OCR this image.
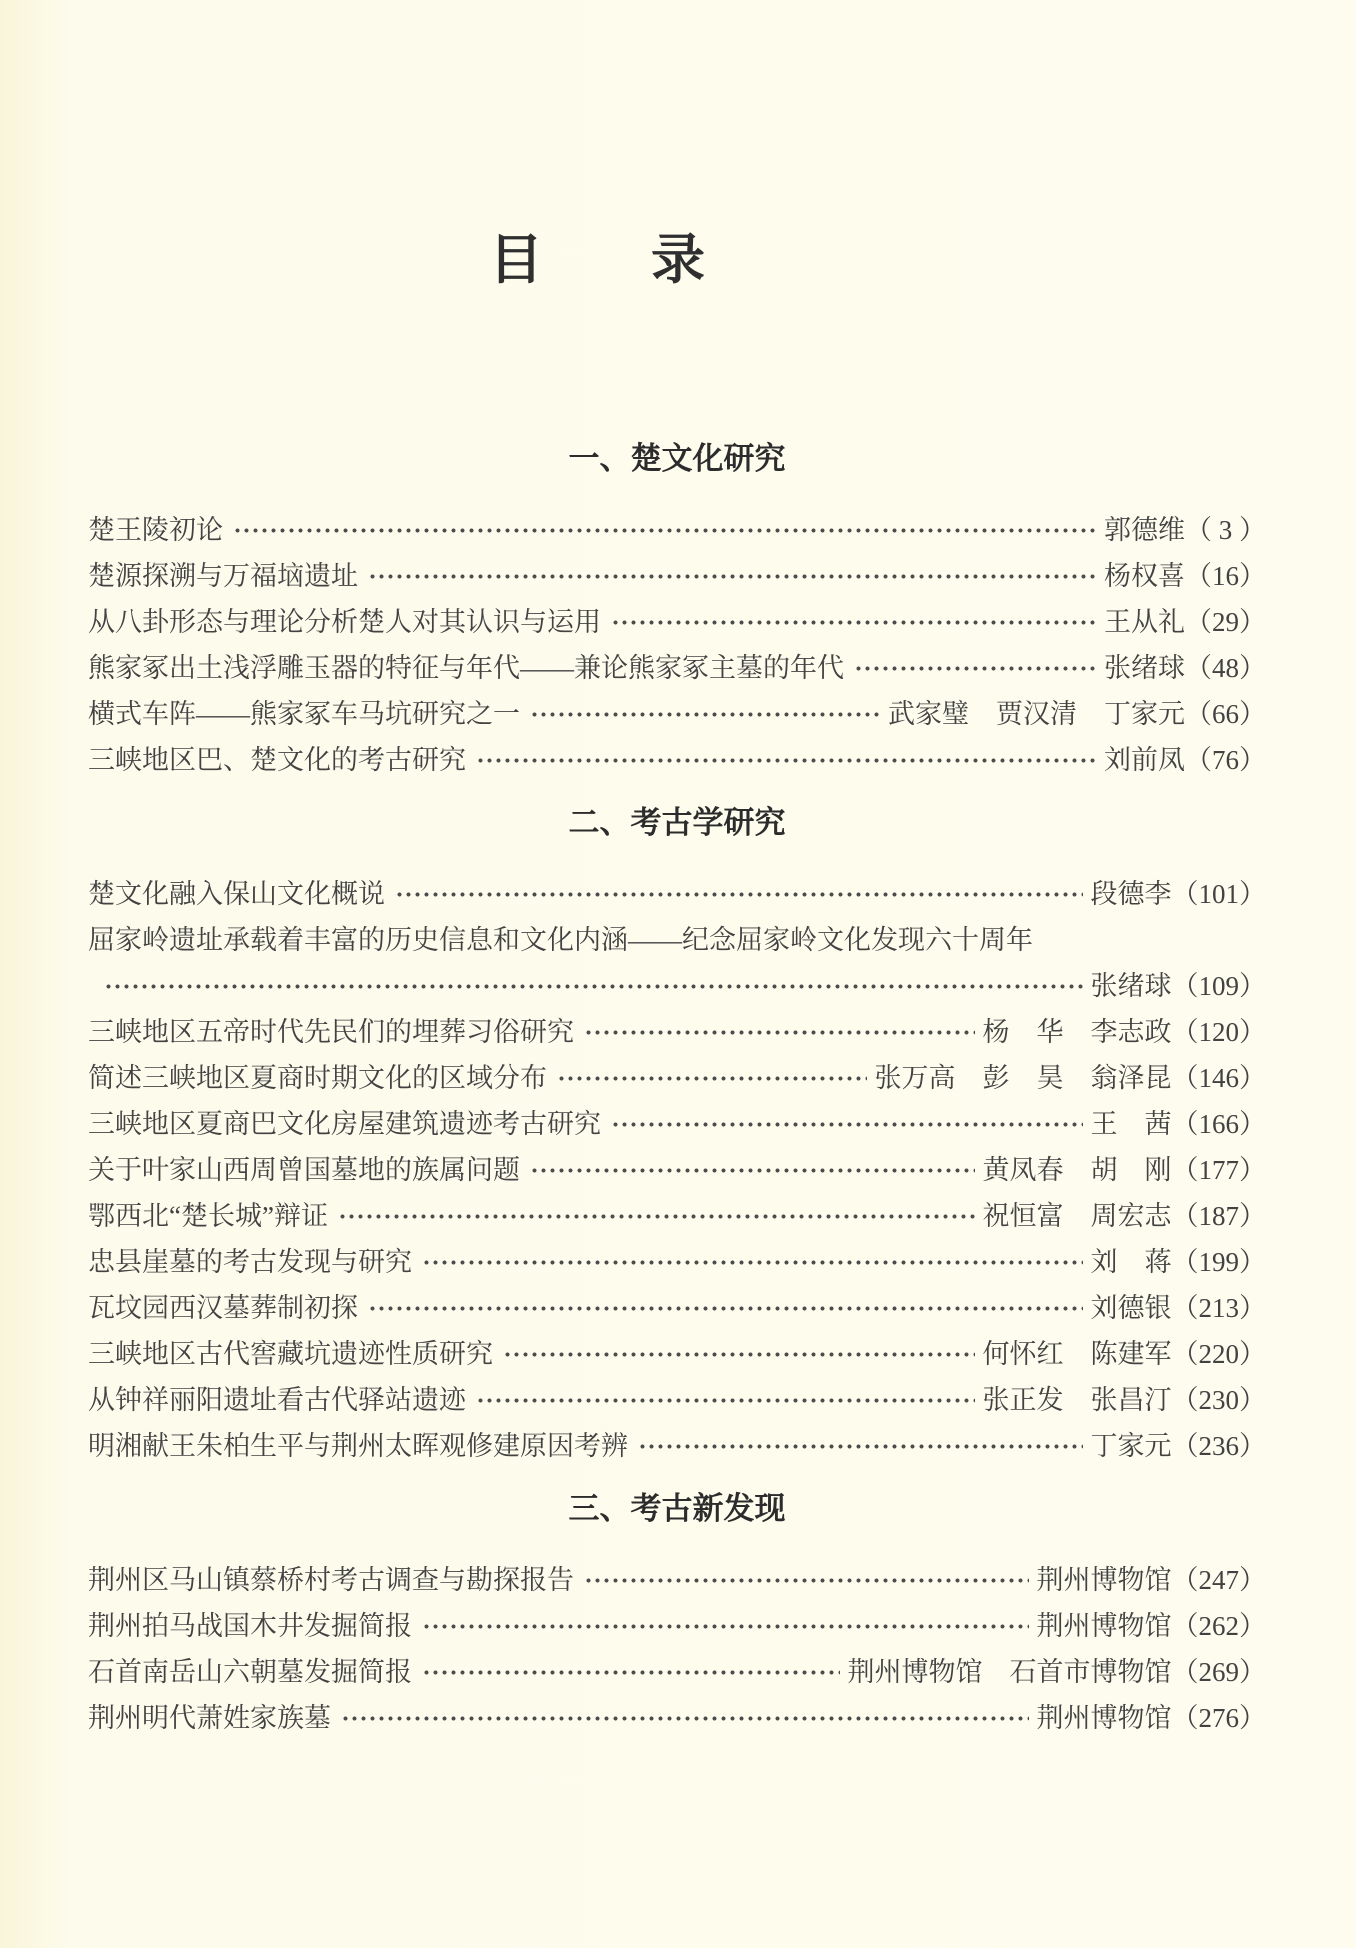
目　　录
一、楚文化研究
楚王陵初论	郭德维 （ 3 ）
楚源探溯与万福垴遗址	杨权喜 （16）
从八卦形态与理论分析楚人对其认识与运用	王从礼 （29）
熊家冢出土浅浮雕玉器的特征与年代——兼论熊家冢主墓的年代	张绪球 （48）
横式车阵——熊家冢车马坑研究之一	武家璧　贾汉清　丁家元 （66）
三峡地区巴、楚文化的考古研究	刘前凤 （76）
二、考古学研究
楚文化融入保山文化概说	段德李 （101）
屈家岭遗址承载着丰富的历史信息和文化内涵——纪念屈家岭文化发现六十周年
张绪球 （109）
三峡地区五帝时代先民们的埋葬习俗研究	杨　华　李志政 （120）
简述三峡地区夏商时期文化的区域分布	张万高　彭　昊　翁泽昆 （146）
三峡地区夏商巴文化房屋建筑遗迹考古研究	王　茜 （166）
关于叶家山西周曾国墓地的族属问题	黄凤春　胡　刚 （177）
鄂西北“楚长城”辩证	祝恒富　周宏志 （187）
忠县崖墓的考古发现与研究	刘　蒋 （199）
瓦坟园西汉墓葬制初探	刘德银 （213）
三峡地区古代窖藏坑遗迹性质研究	何怀红　陈建军 （220）
从钟祥丽阳遗址看古代驿站遗迹	张正发　张昌汀 （230）
明湘献王朱柏生平与荆州太晖观修建原因考辨	丁家元 （236）
三、考古新发现
荆州区马山镇蔡桥村考古调查与勘探报告	荆州博物馆 （247）
荆州拍马战国木井发掘简报	荆州博物馆 （262）
石首南岳山六朝墓发掘简报	荆州博物馆　石首市博物馆 （269）
荆州明代萧姓家族墓	荆州博物馆 （276）
